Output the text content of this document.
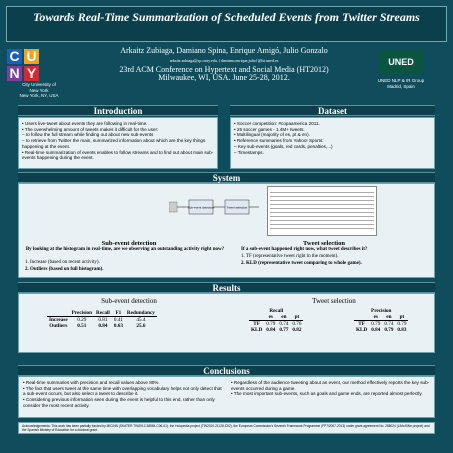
Towards Real-Time Summarization of Scheduled Events from Twitter Streams
C U
N Y
City University of
New York
New York, NY, USA
Arkaitz Zubiaga, Damiano Spina, Enrique Amigó, Julio Gonzalo
arkaitz.zubiaga@qc.cuny.edu, {damiano,enrique,julio}@lsi.uned.es
23rd ACM Conference on Hypertext and Social Media (HT2012)
Milwaukee, WI, USA. June 25-28, 2012.
UNED
UNED NLP & IR Group
Madrid, Spain
Introduction
• Users live-tweet about events they are following in real-time.
• The overwhelming amount of tweets makes it difficult for the user:
– to follow the full stream while finding out about new sub-events
– to retrieve from Twitter the main, summarized information about which are the key things happening at the event.
• Real-time summarization of events enables to follow streams and to find out about main sub-events happening during the event.
Dataset
• Soccer competition: #copaamerica 2011.
• 26 soccer games - 1.4M+ tweets.
• Multilingual (majority of es, pt & en).
• Reference summaries from Yahoo! Sports:
– Key sub-events (goals, red cards, penalties,...)
– Timestamps.
System
Sub-event detection	Tweet selection
Sub-event detection
By looking at the histogram in real-time, are we observing an outstanding activity right now?
1. Increase (based on recent activity).
2. Outliers (based on full histogram).
Tweet selection
If a sub-event happened right now, what tweet describes it?
1. TF (representative tweet right in the moment).
2. KLD (representative tweet comparing to whole game).
Results
Sub-event detection
	Precision	Recall	F1	Redundancy
Increase	0.29	0.81	0.41	45.4
Outliers	0.51	0.84	0.63	25.6
Tweet selection
Recall			
	es	en	pt
TF	0.79	0.74	0.76
KLD	0.84	0.77	0.82
Precision			
	es	en	pt
TF	0.79	0.74	0.79
KLD	0.84	0.79	0.83
Conclusions
• Real-time summaries with precision and recall values above 80%.
• The fact that users tweet at the same time with overlapping vocabulary helps not only detect that a sub-event occurs, but also select a tweet to describe it.
• Considering previous information seen during the event is helpful to this end, rather than only consider the most recent activity.
• Regardless of the audience tweeting about an event, our method effectively reports the key sub-events occurred during a game.
• The most important sub-events, such as goals and game ends, are reported almost perfectly.
Acknowledgements: This work has been partially funded by MICINN (SKATER TIN2012-38584-C06-01), the Holopedia project (TIN2010-21128-C02), the European Commission's Seventh Framework Programme (FP7/2007-2013) under grant agreement No. 288024 (LiMoSINe project) and the Spanish Ministry of Education for a doctoral grant.
